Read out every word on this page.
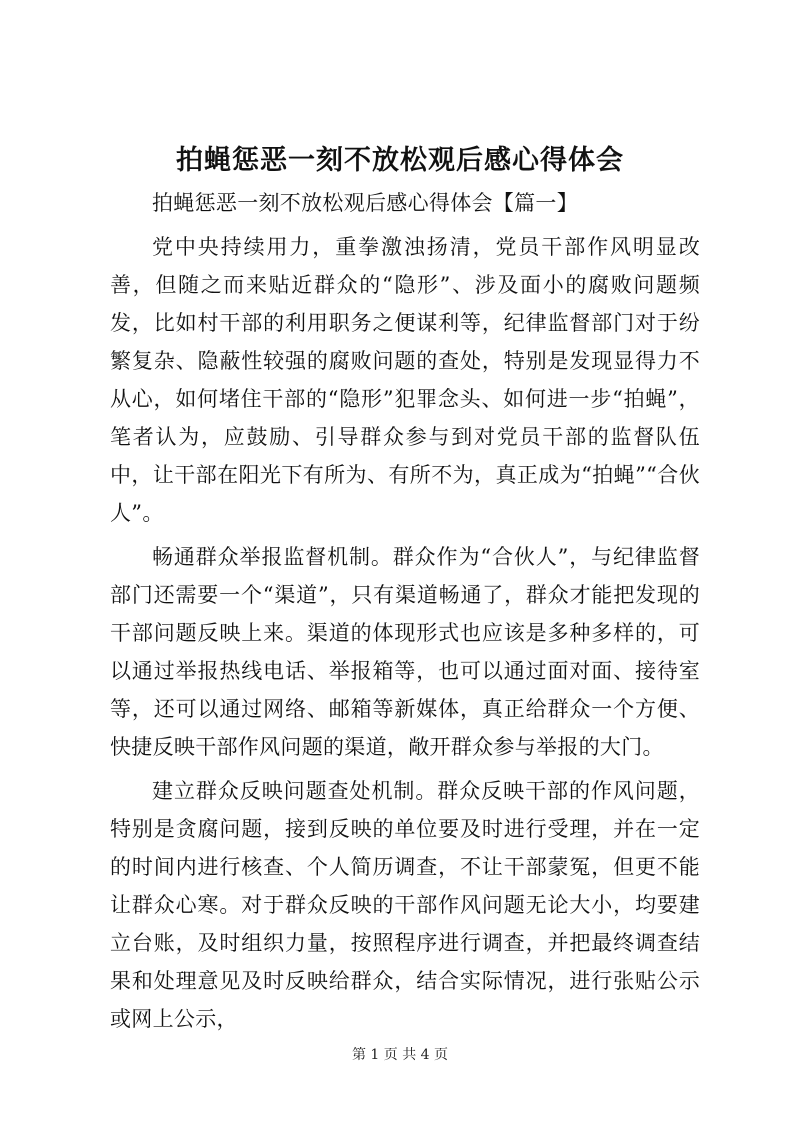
拍蝇惩恶一刻不放松观后感心得体会

拍蝇惩恶一刻不放松观后感心得体会【篇一】

党中央持续用力，重拳激浊扬清，党员干部作风明显改善，但随之而来贴近群众的“隐形”、涉及面小的腐败问题频发，比如村干部的利用职务之便谋利等，纪律监督部门对于纷繁复杂、隐蔽性较强的腐败问题的查处，特别是发现显得力不从心，如何堵住干部的“隐形”犯罪念头、如何进一步“拍蝇”，笔者认为，应鼓励、引导群众参与到对党员干部的监督队伍中，让干部在阳光下有所为、有所不为，真正成为“拍蝇”“合伙人”。

畅通群众举报监督机制。群众作为“合伙人”，与纪律监督部门还需要一个“渠道”，只有渠道畅通了，群众才能把发现的干部问题反映上来。渠道的体现形式也应该是多种多样的，可以通过举报热线电话、举报箱等，也可以通过面对面、接待室等，还可以通过网络、邮箱等新媒体，真正给群众一个方便、快捷反映干部作风问题的渠道，敞开群众参与举报的大门。

建立群众反映问题查处机制。群众反映干部的作风问题，特别是贪腐问题，接到反映的单位要及时进行受理，并在一定的时间内进行核查、个人简历调查，不让干部蒙冤，但更不能让群众心寒。对于群众反映的干部作风问题无论大小，均要建立台账，及时组织力量，按照程序进行调查，并把最终调查结果和处理意见及时反映给群众，结合实际情况，进行张贴公示或网上公示，

第 1 页 共 4 页
